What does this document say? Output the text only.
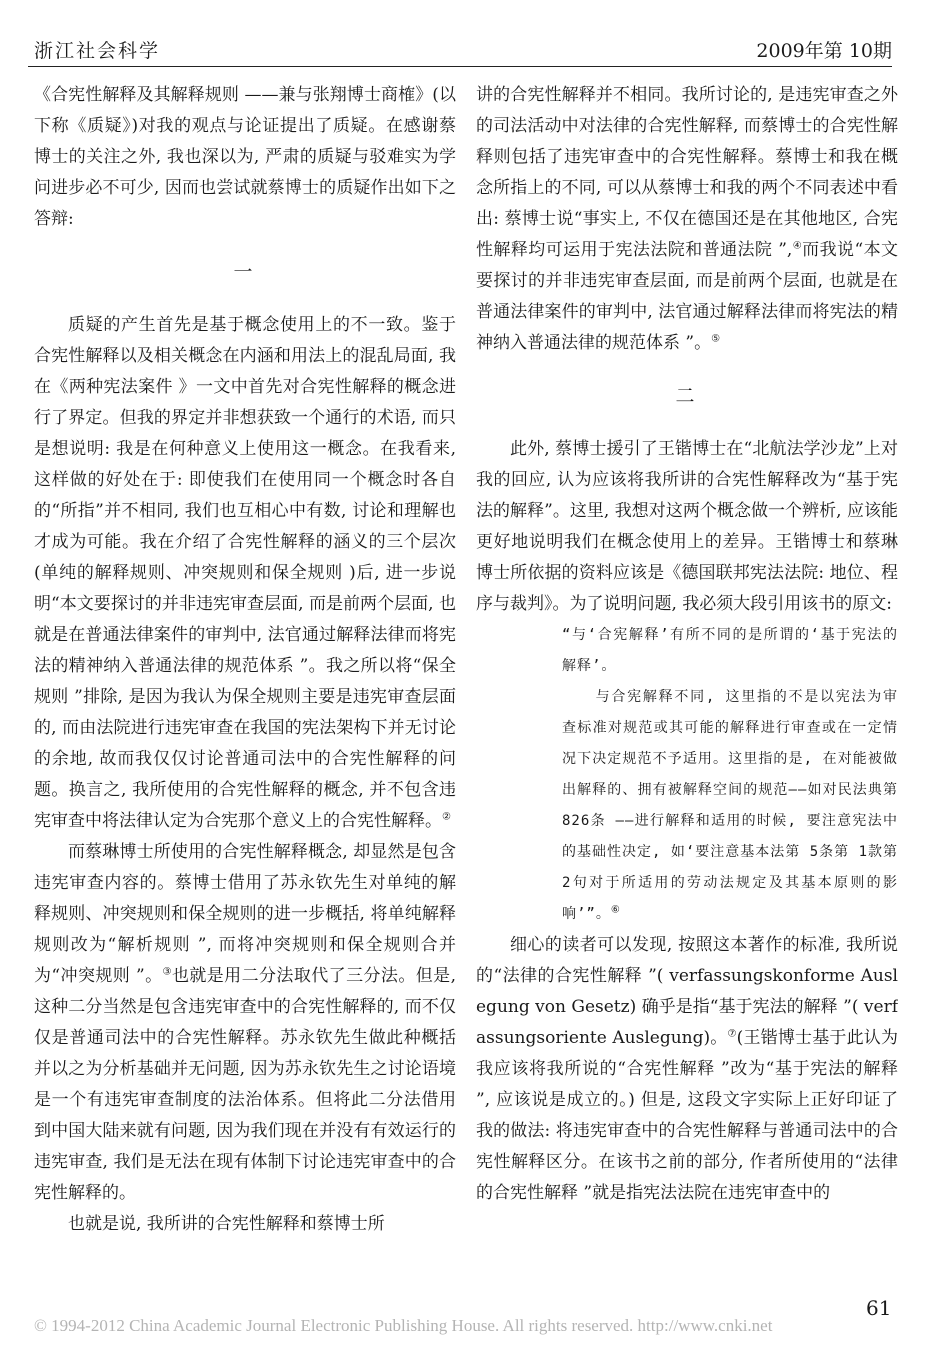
浙江社会科学	2009年第 10期

《合宪性解释及其解释规则 ——兼与张翔博士商榷》(以下称《质疑》)对我的观点与论证提出了质疑。在感谢蔡博士的关注之外, 我也深以为, 严肃的质疑与驳难实为学问进步必不可少, 因而也尝试就蔡博士的质疑作出如下之答辩:

一

质疑的产生首先是基于概念使用上的不一致。鉴于合宪性解释以及相关概念在内涵和用法上的混乱局面, 我在《两种宪法案件 》一文中首先对合宪性解释的概念进行了界定。但我的界定并非想获致一个通行的术语, 而只是想说明: 我是在何种意义上使用这一概念。在我看来, 这样做的好处在于: 即使我们在使用同一个概念时各自的“所指”并不相同, 我们也互相心中有数, 讨论和理解也才成为可能。我在介绍了合宪性解释的涵义的三个层次 (单纯的解释规则、冲突规则和保全规则 )后, 进一步说明“本文要探讨的并非违宪审查层面, 而是前两个层面, 也就是在普通法律案件的审判中, 法官通过解释法律而将宪法的精神纳入普通法律的规范体系 ”。我之所以将“保全规则 ”排除, 是因为我认为保全规则主要是违宪审查层面的, 而由法院进行违宪审查在我国的宪法架构下并无讨论的余地, 故而我仅仅讨论普通司法中的合宪性解释的问题。换言之, 我所使用的合宪性解释的概念, 并不包含违宪审查中将法律认定为合宪那个意义上的合宪性解释。②

而蔡琳博士所使用的合宪性解释概念, 却显然是包含违宪审查内容的。蔡博士借用了苏永钦先生对单纯的解释规则、冲突规则和保全规则的进一步概括, 将单纯解释规则改为“解析规则 ”, 而将冲突规则和保全规则合并为“冲突规则 ”。③也就是用二分法取代了三分法。但是, 这种二分当然是包含违宪审查中的合宪性解释的, 而不仅仅是普通司法中的合宪性解释。苏永钦先生做此种概括并以之为分析基础并无问题, 因为苏永钦先生之讨论语境是一个有违宪审查制度的法治体系。但将此二分法借用到中国大陆来就有问题, 因为我们现在并没有有效运行的违宪审查, 我们是无法在现有体制下讨论违宪审查中的合宪性解释的。

也就是说, 我所讲的合宪性解释和蔡博士所

讲的合宪性解释并不相同。我所讨论的, 是违宪审查之外的司法活动中对法律的合宪性解释, 而蔡博士的合宪性解释则包括了违宪审查中的合宪性解释。蔡博士和我在概念所指上的不同, 可以从蔡博士和我的两个不同表述中看出: 蔡博士说“事实上, 不仅在德国还是在其他地区, 合宪性解释均可运用于宪法法院和普通法院 ”,④而我说“本文要探讨的并非违宪审查层面, 而是前两个层面, 也就是在普通法律案件的审判中, 法官通过解释法律而将宪法的精神纳入普通法律的规范体系 ”。⑤

二

此外, 蔡博士援引了王锴博士在“北航法学沙龙”上对我的回应, 认为应该将我所讲的合宪性解释改为“基于宪法的解释”。这里, 我想对这两个概念做一个辨析, 应该能更好地说明我们在概念使用上的差异。王锴博士和蔡琳博士所依据的资料应该是《德国联邦宪法法院: 地位、程序与裁判》。为了说明问题, 我必须大段引用该书的原文:

“与‘合宪解释’有所不同的是所谓的‘基于宪法的解释’。

与合宪解释不同, 这里指的不是以宪法为审查标准对规范或其可能的解释进行审查或在一定情况下决定规范不予适用。这里指的是, 在对能被做出解释的、拥有被解释空间的规范——如对民法典第 826条 ——进行解释和适用的时候, 要注意宪法中的基础性决定, 如‘要注意基本法第 5条第 1款第 2句对于所适用的劳动法规定及其基本原则的影响’”。⑥

细心的读者可以发现, 按照这本著作的标准, 我所说的“法律的合宪性解释 ”( verfassungskonforme Auslegung von Gesetz) 确乎是指“基于宪法的解释 ”( verfassungsoriente Auslegung)。⑦(王锴博士基于此认为我应该将我所说的“合宪性解释 ”改为“基于宪法的解释 ”, 应该说是成立的。) 但是, 这段文字实际上正好印证了我的做法: 将违宪审查中的合宪性解释与普通司法中的合宪性解释区分。在该书之前的部分, 作者所使用的“法律的合宪性解释 ”就是指宪法法院在违宪审查中的

61
© 1994-2012 China Academic Journal Electronic Publishing House. All rights reserved. http://www.cnki.net
